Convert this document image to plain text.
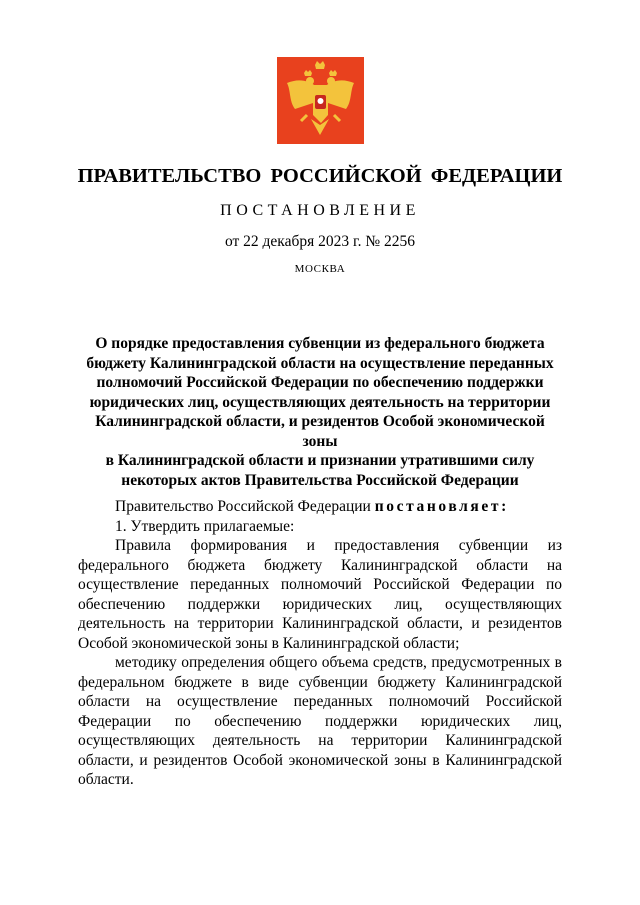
ПРАВИТЕЛЬСТВО РОССИЙСКОЙ ФЕДЕРАЦИИ
ПОСТАНОВЛЕНИЕ
от 22 декабря 2023 г. № 2256
МОСКВА
О порядке предоставления субвенции из федерального бюджета
бюджету Калининградской области на осуществление переданных
полномочий Российской Федерации по обеспечению поддержки
юридических лиц, осуществляющих деятельность на территории
Калининградской области, и резидентов Особой экономической зоны
в Калининградской области и признании утратившими силу
некоторых актов Правительства Российской Федерации

Правительство Российской Федерации постановляет:

1. Утвердить прилагаемые:

Правила формирования и предоставления субвенции из федерального бюджета бюджету Калининградской области на осуществление переданных полномочий Российской Федерации по обеспечению поддержки юридических лиц, осуществляющих деятельность на территории Калининградской области, и резидентов Особой экономической зоны в Калининградской области;

методику определения общего объема средств, предусмотренных в федеральном бюджете в виде субвенции бюджету Калининградской области на осуществление переданных полномочий Российской Федерации по обеспечению поддержки юридических лиц, осуществляющих деятельность на территории Калининградской области, и резидентов Особой экономической зоны в Калининградской области.
